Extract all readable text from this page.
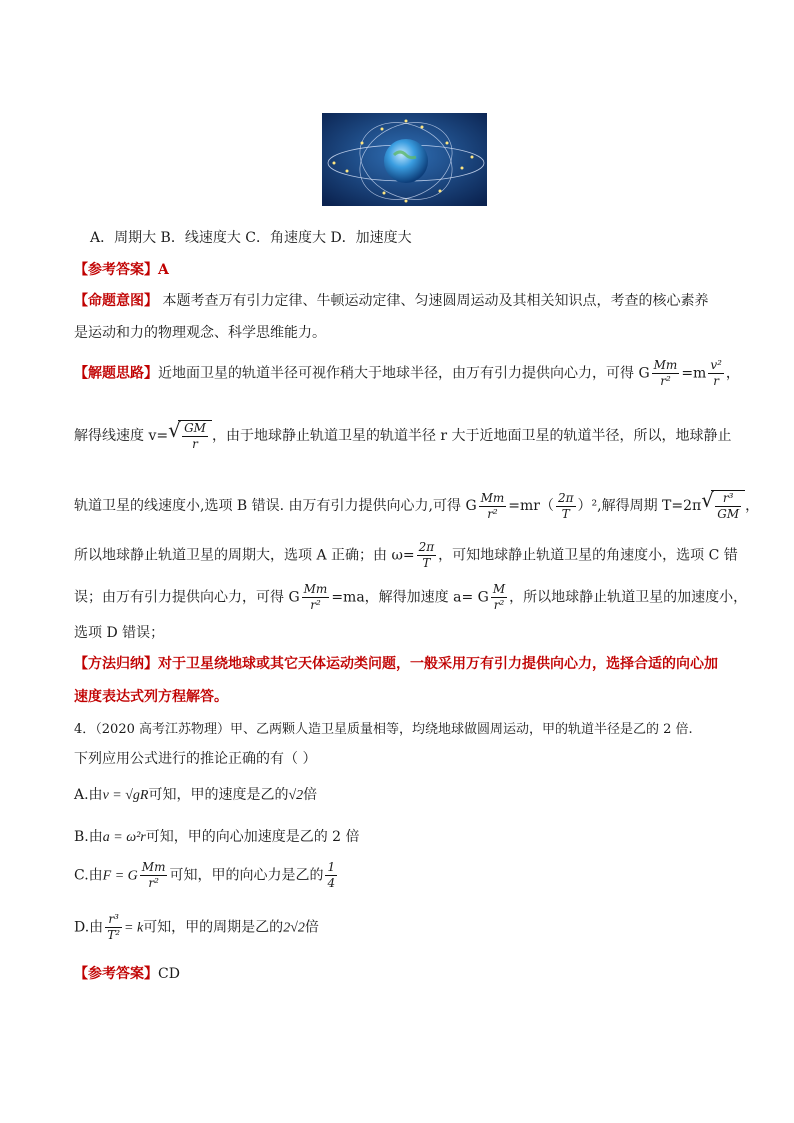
A．周期大 B．线速度大 C．角速度大 D．加速度大
【参考答案】A
【命题意图】 本题考查万有引力定律、牛顿运动定律、匀速圆周运动及其相关知识点，考查的核心素养
是运动和力的物理观念、科学思维能力。
【解题思路】近地面卫星的轨道半径可视作稍大于地球半径，由万有引力提供向心力，可得 G $\frac{Mm}{\text{r²}} =m \frac{\text{v²}}{r}$ ，
解得线速度 v= √ $\frac{GM}{r}$ ，由于地球静止轨道卫星的轨道半径 r 大于近地面卫星的轨道半径，所以，地球静止
轨道卫星的线速度小,选项 B 错误. 由万有引力提供向心力,可得 G $\frac{Mm}{\text{r²}} =mr( \frac{2\pi}{T} )^2$,解得周期 T=2π √ $\frac{\text{r³}}{GM}$ ，
所以地球静止轨道卫星的周期大，选项 A 正确；由 $\omega= \frac{2\pi}{T}$ ，可知地球静止轨道卫星的角速度小，选项 C 错
误；由万有引力提供向心力，可得 G $\frac{Mm}{\text{r²}} =ma$，解得加速度 a= G $\frac{M}{\text{r²}}$ ，所以地球静止轨道卫星的加速度小，
选项 D 错误；
【方法归纳】对于卫星绕地球或其它天体运动类问题，一般采用万有引力提供向心力，选择合适的向心加
速度表达式列方程解答。
4．（2020 高考江苏物理）甲、乙两颗人造卫星质量相等，均绕地球做圆周运动，甲的轨道半径是乙的 2 倍.
下列应用公式进行的推论正确的有（ ）
A.由v = √gR可知，甲的速度是乙的√2倍
B.由a = ω²r可知，甲的向心加速度是乙的 2 倍
C.由F = G $\frac{Mm}{\text{r²}}$ 可知，甲的向心力是乙的 $\frac{1}{4}$
D.由 $\frac{\text{r³}}{\text{T²}} = k$可知，甲的周期是乙的2√2倍
【参考答案】CD
